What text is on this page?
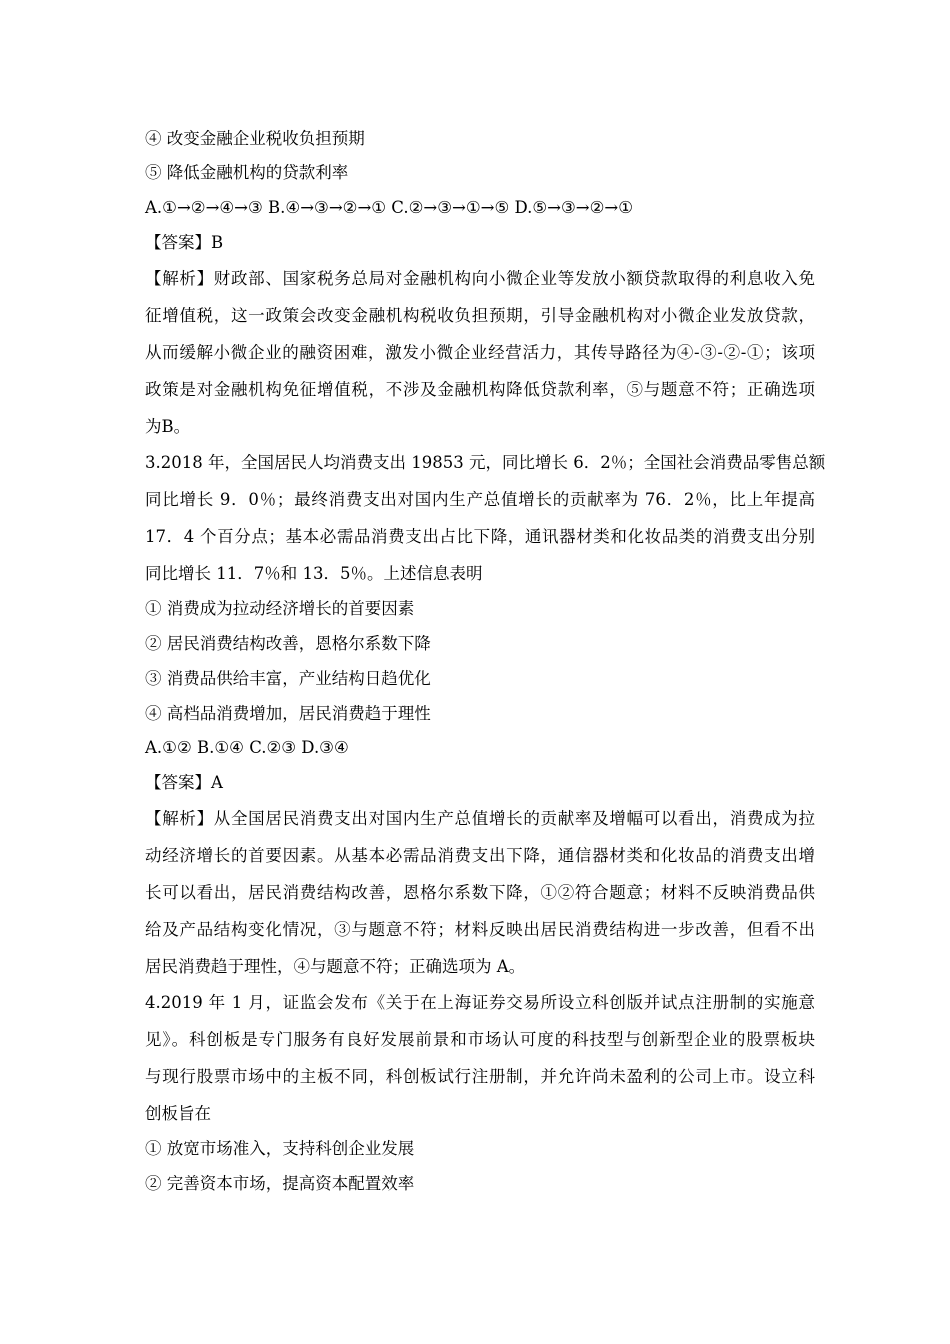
④ 改变金融企业税收负担预期
⑤ 降低金融机构的贷款利率
A.①→②→④→③ B.④→③→②→① C.②→③→①→⑤ D.⑤→③→②→①
【答案】B
【解析】财政部、国家税务总局对金融机构向小微企业等发放小额贷款取得的利息收入免
征增值税，这一政策会改变金融机构税收负担预期，引导金融机构对小微企业发放贷款，
从而缓解小微企业的融资困难，激发小微企业经营活力，其传导路径为④-③-②-①；该项
政策是对金融机构免征增值税，不涉及金融机构降低贷款利率，⑤与题意不符；正确选项
为B。
3.2018 年，全国居民人均消费支出 19853 元，同比增长 6．2％；全国社会消费品零售总额
同比增长 9．0％；最终消费支出对国内生产总值增长的贡献率为 76．2％，比上年提高
17．4 个百分点；基本必需品消费支出占比下降，通讯器材类和化妆品类的消费支出分别
同比增长 11．7％和 13．5％。上述信息表明
① 消费成为拉动经济增长的首要因素
② 居民消费结构改善，恩格尔系数下降
③ 消费品供给丰富，产业结构日趋优化
④ 高档品消费增加，居民消费趋于理性
A.①② B.①④ C.②③ D.③④
【答案】A
【解析】从全国居民消费支出对国内生产总值增长的贡献率及增幅可以看出，消费成为拉
动经济增长的首要因素。从基本必需品消费支出下降，通信器材类和化妆品的消费支出增
长可以看出，居民消费结构改善，恩格尔系数下降，①②符合题意；材料不反映消费品供
给及产品结构变化情况，③与题意不符；材料反映出居民消费结构进一步改善，但看不出
居民消费趋于理性，④与题意不符；正确选项为 A。
4.2019 年 1 月，证监会发布《关于在上海证券交易所设立科创版并试点注册制的实施意
见》。科创板是专门服务有良好发展前景和市场认可度的科技型与创新型企业的股票板块
与现行股票市场中的主板不同，科创板试行注册制，并允许尚未盈利的公司上市。设立科
创板旨在
① 放宽市场准入，支持科创企业发展
② 完善资本市场，提高资本配置效率
